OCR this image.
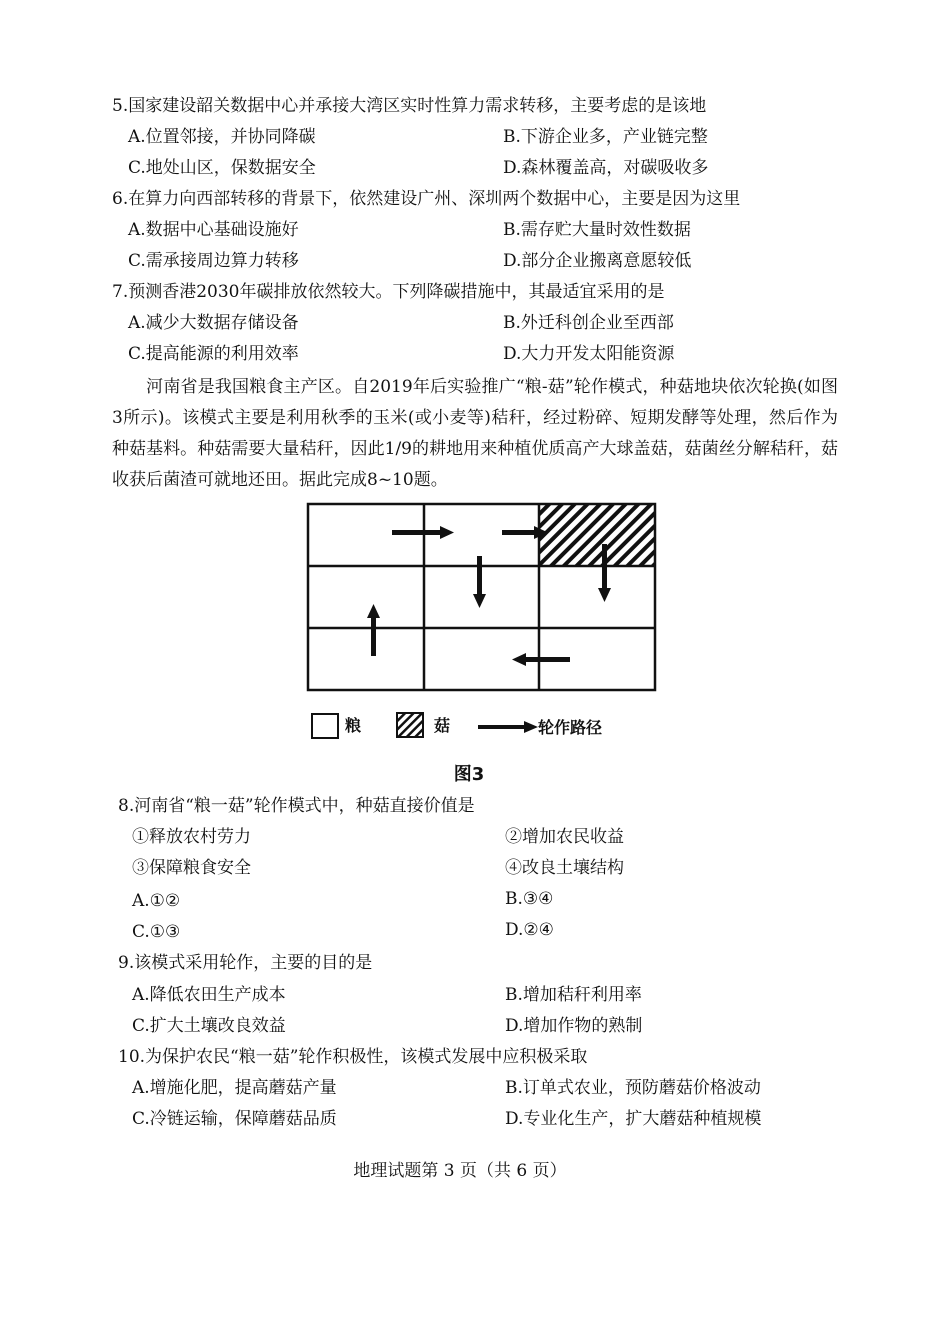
5.国家建设韶关数据中心并承接大湾区实时性算力需求转移，主要考虑的是该地
A.位置邻接，并协同降碳	B.下游企业多，产业链完整
C.地处山区，保数据安全	D.森林覆盖高，对碳吸收多
6.在算力向西部转移的背景下，依然建设广州、深圳两个数据中心，主要是因为这里
A.数据中心基础设施好	B.需存贮大量时效性数据
C.需承接周边算力转移	D.部分企业搬离意愿较低
7.预测香港2030年碳排放依然较大。下列降碳措施中，其最适宜采用的是
A.减少大数据存储设备	B.外迁科创企业至西部
C.提高能源的利用效率	D.大力开发太阳能资源
河南省是我国粮食主产区。自2019年后实验推广“粮-菇”轮作模式，种菇地块依次轮换(如图3所示)。该模式主要是利用秋季的玉米(或小麦等)秸秆，经过粉碎、短期发酵等处理，然后作为种菇基料。种菇需要大量秸秆，因此1/9的耕地用来种植优质高产大球盖菇，菇菌丝分解秸秆，菇收获后菌渣可就地还田。据此完成8~10题。
粮	菇	轮作路径
图3
8.河南省“粮一菇”轮作模式中，种菇直接价值是
①释放农村劳力	②增加农民收益
③保障粮食安全	④改良土壤结构
A.①②	B.③④
C.①③	D.②④
9.该模式采用轮作，主要的目的是
A.降低农田生产成本	B.增加秸秆利用率
C.扩大土壤改良效益	D.增加作物的熟制
10.为保护农民“粮一菇”轮作积极性，该模式发展中应积极采取
A.增施化肥，提高蘑菇产量	B.订单式农业，预防蘑菇价格波动
C.冷链运输，保障蘑菇品质	D.专业化生产，扩大蘑菇种植规模
地理试题第 3 页（共 6 页）
